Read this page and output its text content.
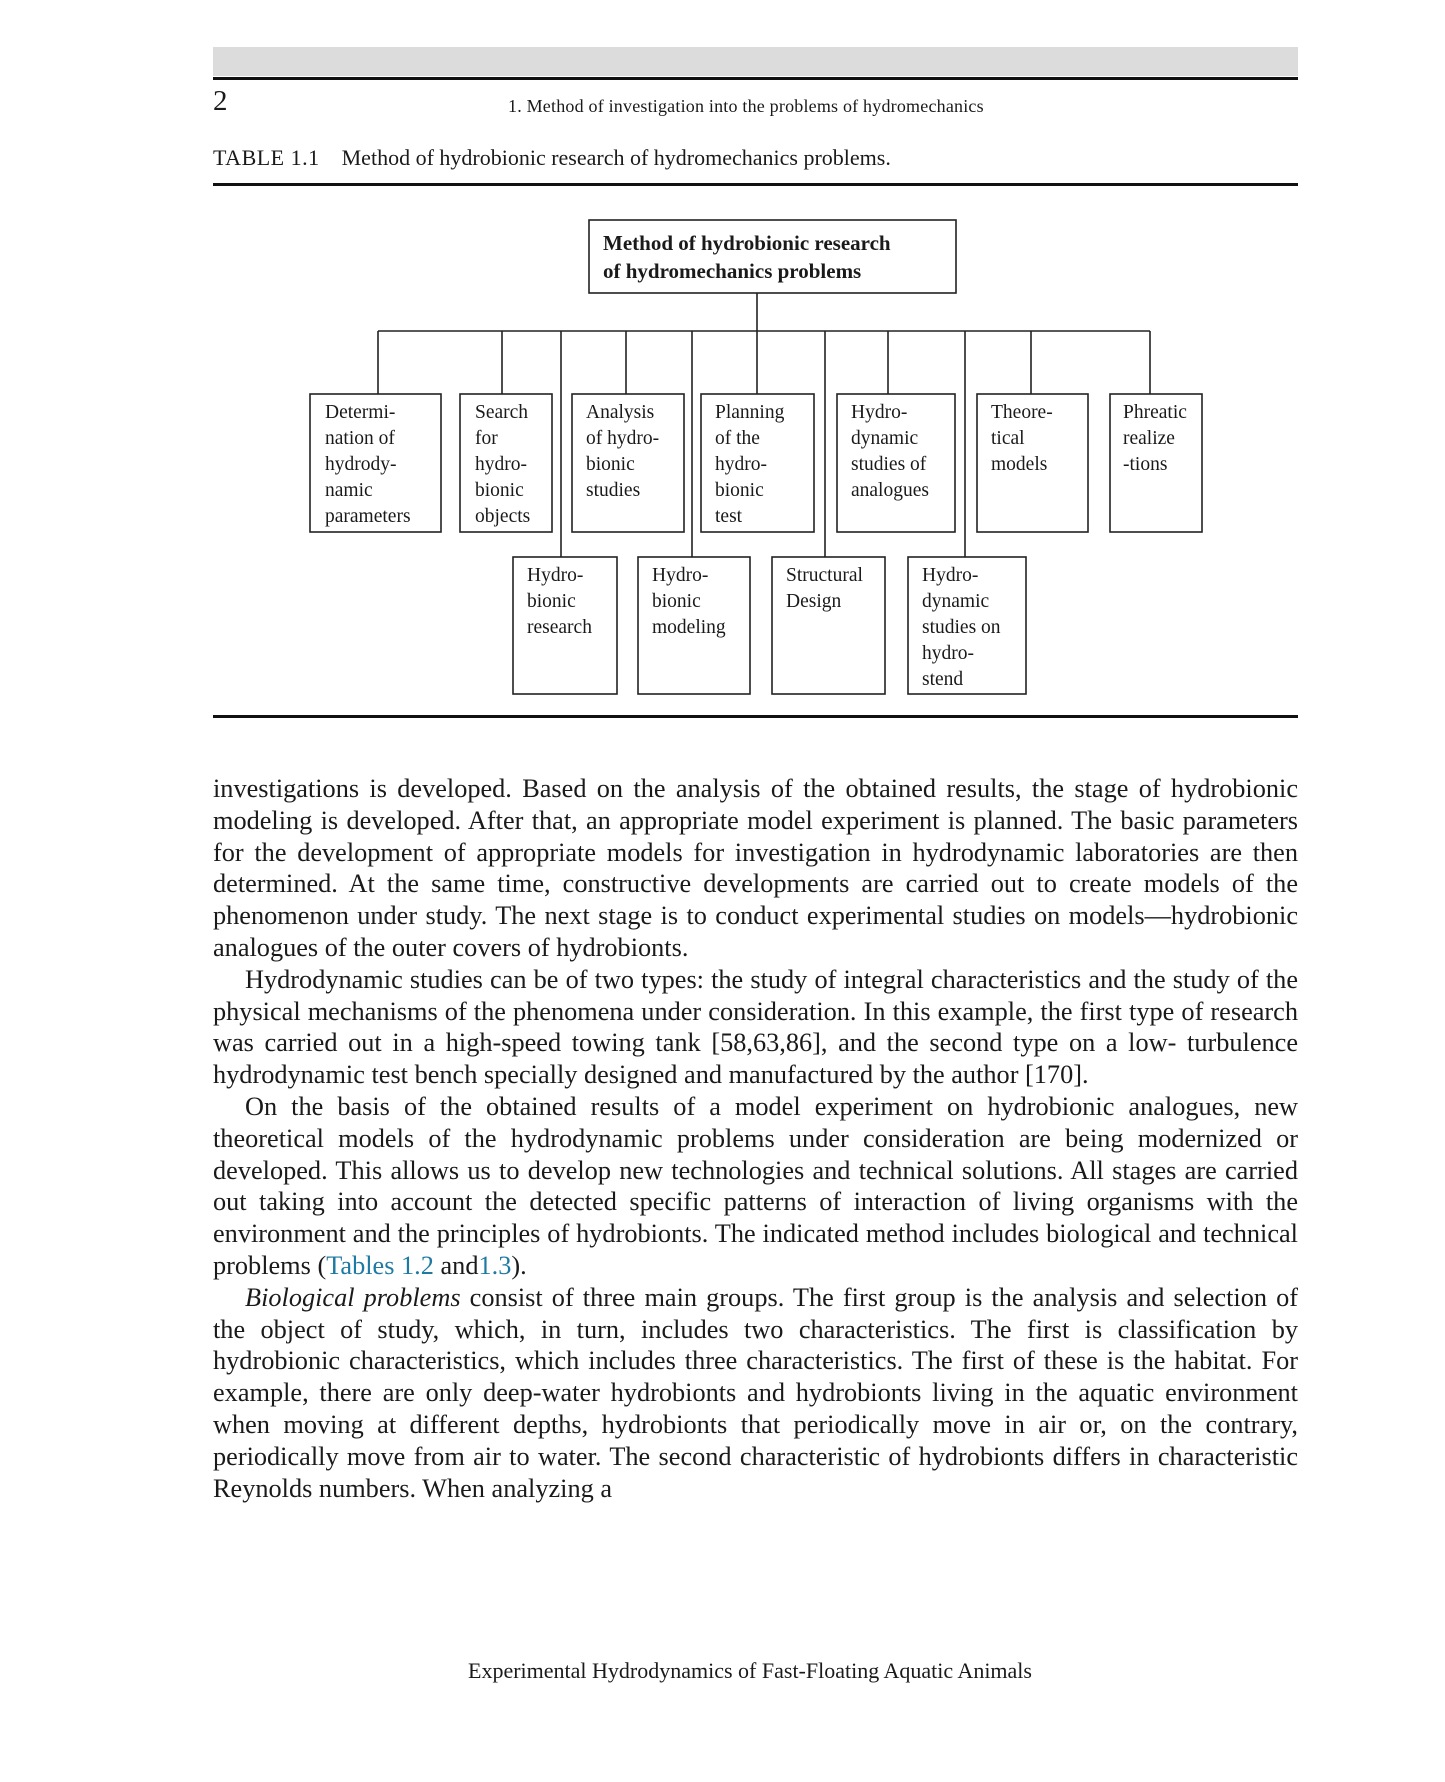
2	1. Method of investigation into the problems of hydromechanics
TABLE 1.1 Method of hydrobionic research of hydromechanics problems.
Method of hydrobionic research
of hydromechanics problems
Determi-
nation of
hydrody-
namic
parameters
Search
for
hydro-
bionic
objects
Analysis
of hydro-
bionic
studies
Planning
of the
hydro-
bionic
test
Hydro-
dynamic
studies of
analogues
Theore-
tical
models
Phreatic
realize
-tions
Hydro-
bionic
research
Hydro-
bionic
modeling
Structural
Design
Hydro-
dynamic
studies on
hydro-
stend

investigations is developed. Based on the analysis of the obtained results, the stage of hydrobionic modeling is developed. After that, an appropriate model experiment is planned. The basic parameters for the development of appropriate models for investigation in hydrodynamic laboratories are then determined. At the same time, constructive developments are carried out to create models of the phenomenon under study. The next stage is to conduct experimental studies on models—hydrobionic analogues of the outer covers of hydrobionts.

Hydrodynamic studies can be of two types: the study of integral characteristics and the study of the physical mechanisms of the phenomena under consideration. In this example, the first type of research was carried out in a high-speed towing tank [58,63,86], and the second type on a low- turbulence hydrodynamic test bench specially designed and manufactured by the author [170].

On the basis of the obtained results of a model experiment on hydrobionic analogues, new theoretical models of the hydrodynamic problems under consideration are being modernized or developed. This allows us to develop new technologies and technical solutions. All stages are carried out taking into account the detected specific patterns of interaction of living organisms with the environment and the principles of hydrobionts. The indicated method includes biological and technical problems (Tables 1.2 and1.3).

Biological problems consist of three main groups. The first group is the analysis and selection of the object of study, which, in turn, includes two characteristics. The first is classification by hydrobionic characteristics, which includes three characteristics. The first of these is the habitat. For example, there are only deep-water hydrobionts and hydrobionts living in the aquatic environment when moving at different depths, hydrobionts that periodically move in air or, on the contrary, periodically move from air to water. The second characteristic of hydrobionts differs in characteristic Reynolds numbers. When analyzing a

Experimental Hydrodynamics of Fast-Floating Aquatic Animals
